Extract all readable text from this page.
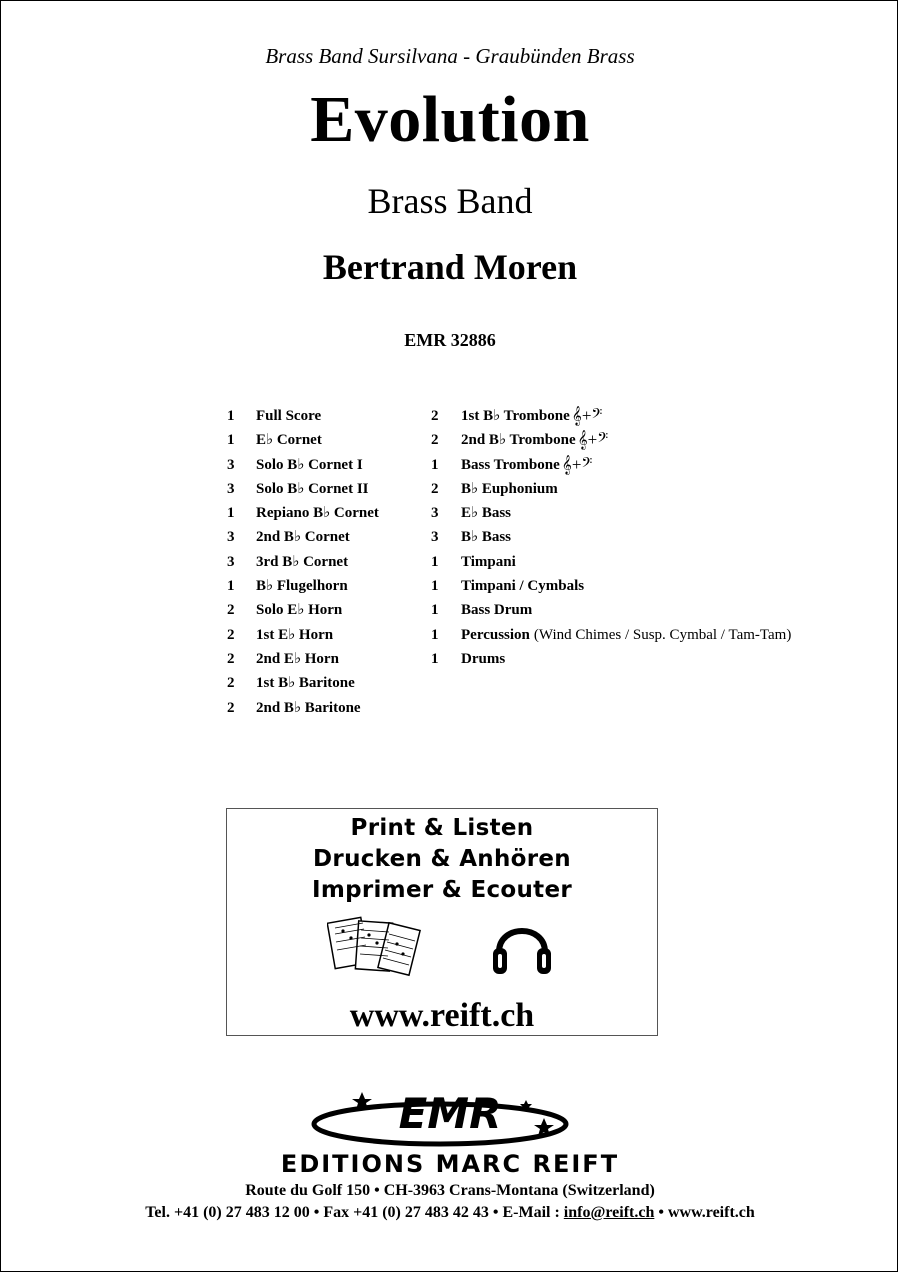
Brass Band Sursilvana - Graubünden Brass
Evolution
Brass Band
Bertrand Moren
EMR 32886
1	Full Score
1	E♭ Cornet
3	Solo B♭ Cornet I
3	Solo B♭ Cornet II
1	Repiano B♭ Cornet
3	2nd B♭ Cornet
3	3rd B♭ Cornet
1	B♭ Flugelhorn
2	Solo E♭ Horn
2	1st E♭ Horn
2	2nd E♭ Horn
2	1st B♭ Baritone
2	2nd B♭ Baritone
2	1st B♭ Trombone 𝄞+𝄢
2	2nd B♭ Trombone 𝄞+𝄢
1	Bass Trombone 𝄞+𝄢
2	B♭ Euphonium
3	E♭ Bass
3	B♭ Bass
1	Timpani
1	Timpani / Cymbals
1	Bass Drum
1	Percussion (Wind Chimes / Susp. Cymbal / Tam-Tam)
1	Drums
Print & Listen
Drucken & Anhören
Imprimer & Ecouter
www.reift.ch
EMR
EDITIONS MARC REIFT
Route du Golf 150 • CH-3963 Crans-Montana (Switzerland)
Tel. +41 (0) 27 483 12 00 • Fax +41 (0) 27 483 42 43 • E-Mail : info@reift.ch • www.reift.ch
